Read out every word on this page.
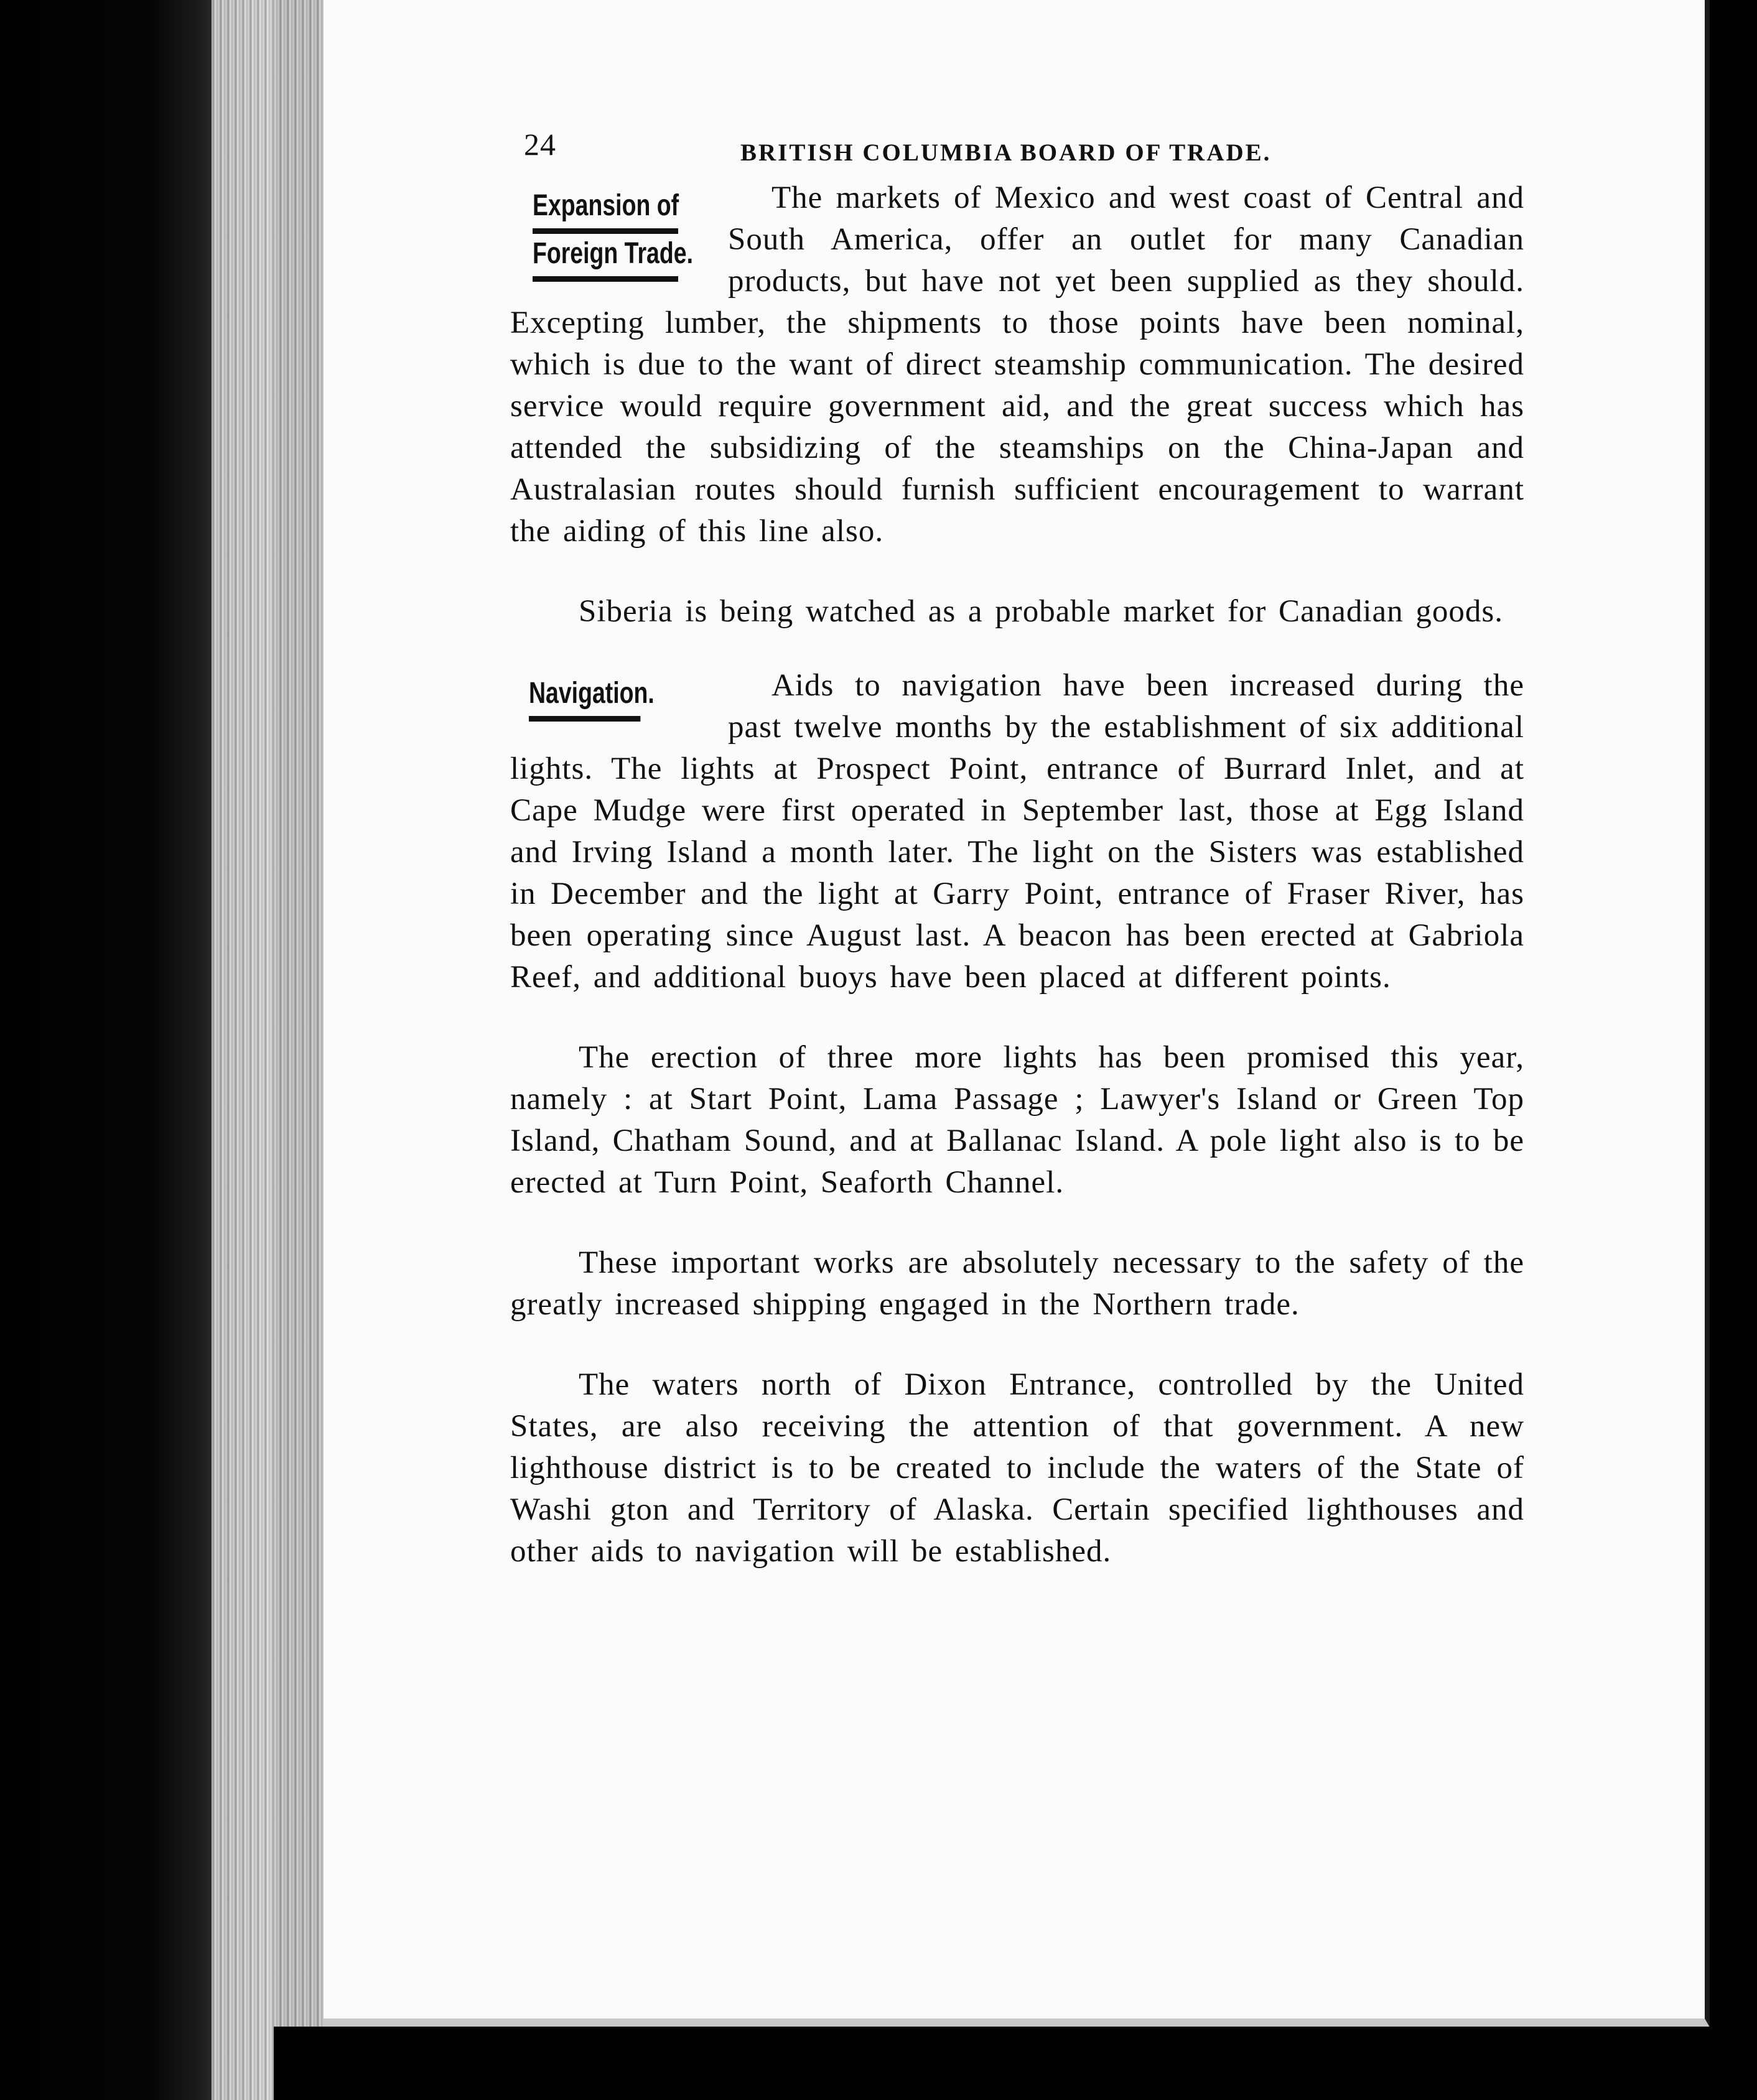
24	BRITISH COLUMBIA BOARD OF TRADE.
Expansion of
Foreign Trade.

The markets of Mexico and west coast of Central and South America, offer an outlet for many Canadian products, but have not yet been supplied as they should. Excepting lumber, the shipments to those points have been nominal, which is due to the want of direct steamship communication. The desired service would require government aid, and the great success which has attended the subsidizing of the steamships on the China-Japan and Australasian routes should furnish sufficient encouragement to warrant the aiding of this line also.

Siberia is being watched as a probable market for Canadian goods.

Navigation.	Aids to navigation have been increased during the past twelve months by the establishment of six additional lights. The lights at Prospect Point, entrance of Burrard Inlet, and at Cape Mudge were first operated in September last, those at Egg Island and Irving Island a month later. The light on the Sisters was established in December and the light at Garry Point, entrance of Fraser River, has been operating since August last. A beacon has been erected at Gabriola Reef, and additional buoys have been placed at different points.

The erection of three more lights has been promised this year, namely : at Start Point, Lama Passage ; Lawyer's Island or Green Top Island, Chatham Sound, and at Ballanac Island. A pole light also is to be erected at Turn Point, Seaforth Channel.

These important works are absolutely necessary to the safety of the greatly increased shipping engaged in the Northern trade.

The waters north of Dixon Entrance, controlled by the United States, are also receiving the attention of that government. A new lighthouse district is to be created to include the waters of the State of Washi gton and Territory of Alaska. Certain specified lighthouses and other aids to navigation will be established.
